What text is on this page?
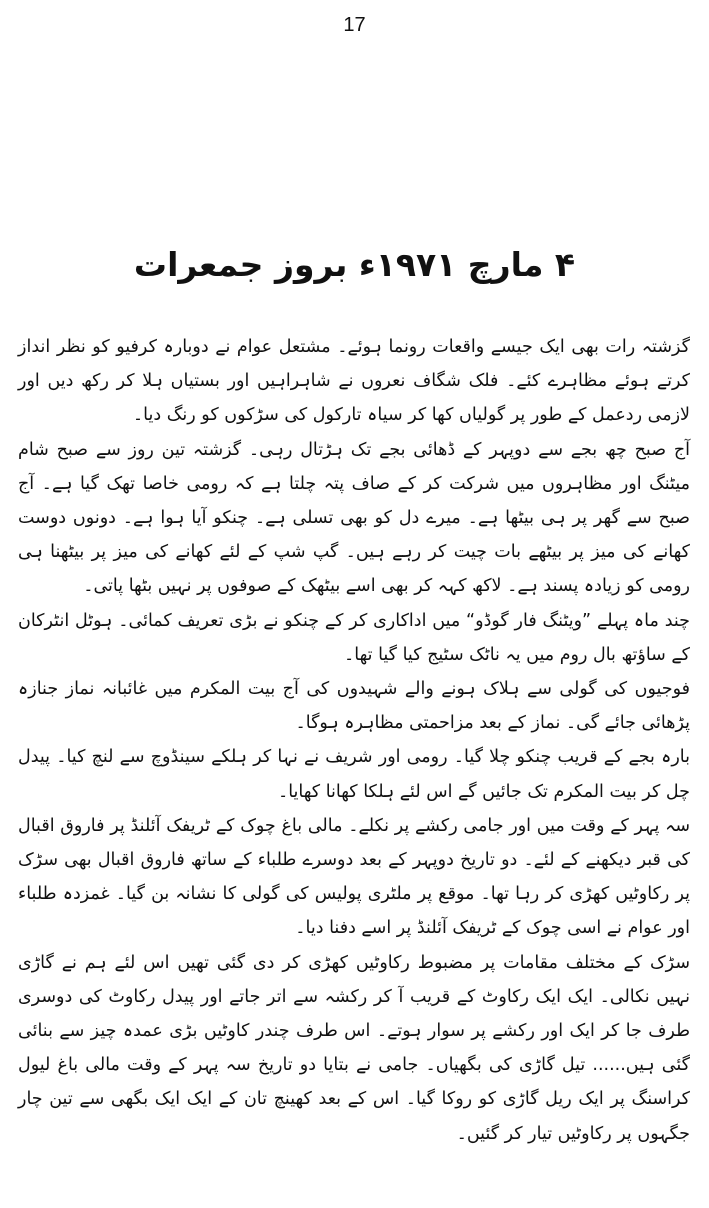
17
۴ مارچ ۱۹۷۱ء بروز جمعرات

گزشتہ رات بھی ایک جیسے واقعات رونما ہوئے۔ مشتعل عوام نے دوبارہ کرفیو کو نظر انداز کرتے ہوئے مظاہرے کئے۔ فلک شگاف نعروں نے شاہراہیں اور بستیاں ہلا کر رکھ دیں اور لازمی ردعمل کے طور پر گولیاں کھا کر سیاہ تارکول کی سڑکوں کو رنگ دیا۔

آج صبح چھ بجے سے دوپہر کے ڈھائی بجے تک ہڑتال رہی۔ گزشتہ تین روز سے صبح شام میٹنگ اور مظاہروں میں شرکت کر کے صاف پتہ چلتا ہے کہ رومی خاصا تھک گیا ہے۔ آج صبح سے گھر پر ہی بیٹھا ہے۔ میرے دل کو بھی تسلی ہے۔ چنکو آیا ہوا ہے۔ دونوں دوست کھانے کی میز پر بیٹھے بات چیت کر رہے ہیں۔ گپ شپ کے لئے کھانے کی میز پر بیٹھنا ہی رومی کو زیادہ پسند ہے۔ لاکھ کہہ کر بھی اسے بیٹھک کے صوفوں پر نہیں بٹھا پاتی۔

چند ماہ پہلے ”ویٹنگ فار گوڈو“ میں اداکاری کر کے چنکو نے بڑی تعریف کمائی۔ ہوٹل انٹرکان کے ساؤتھ بال روم میں یہ ناٹک سٹیج کیا گیا تھا۔

فوجیوں کی گولی سے ہلاک ہونے والے شہیدوں کی آج بیت المکرم میں غائبانہ نماز جنازہ پڑھائی جائے گی۔ نماز کے بعد مزاحمتی مظاہرہ ہوگا۔

بارہ بجے کے قریب چنکو چلا گیا۔ رومی اور شریف نے نہا کر ہلکے سینڈوچ سے لنچ کیا۔ پیدل چل کر بیت المکرم تک جائیں گے اس لئے ہلکا کھانا کھایا۔

سہ پہر کے وقت میں اور جامی رکشے پر نکلے۔ مالی باغ چوک کے ٹریفک آئلنڈ پر فاروق اقبال کی قبر دیکھنے کے لئے۔ دو تاریخ دوپہر کے بعد دوسرے طلباء کے ساتھ فاروق اقبال بھی سڑک پر رکاوٹیں کھڑی کر رہا تھا۔ موقع پر ملٹری پولیس کی گولی کا نشانہ بن گیا۔ غمزدہ طلباء اور عوام نے اسی چوک کے ٹریفک آئلنڈ پر اسے دفنا دیا۔

سڑک کے مختلف مقامات پر مضبوط رکاوٹیں کھڑی کر دی گئی تھیں اس لئے ہم نے گاڑی نہیں نکالی۔ ایک ایک رکاوٹ کے قریب آ کر رکشہ سے اتر جاتے اور پیدل رکاوٹ کی دوسری طرف جا کر ایک اور رکشے پر سوار ہوتے۔ اس طرف چندر کاوٹیں بڑی عمدہ چیز سے بنائی گئی ہیں...... تیل گاڑی کی بگھیاں۔ جامی نے بتایا دو تاریخ سہ پہر کے وقت مالی باغ لیول کراسنگ پر ایک ریل گاڑی کو روکا گیا۔ اس کے بعد کھینچ تان کے ایک ایک بگھی سے تین چار جگہوں پر رکاوٹیں تیار کر گئیں۔
